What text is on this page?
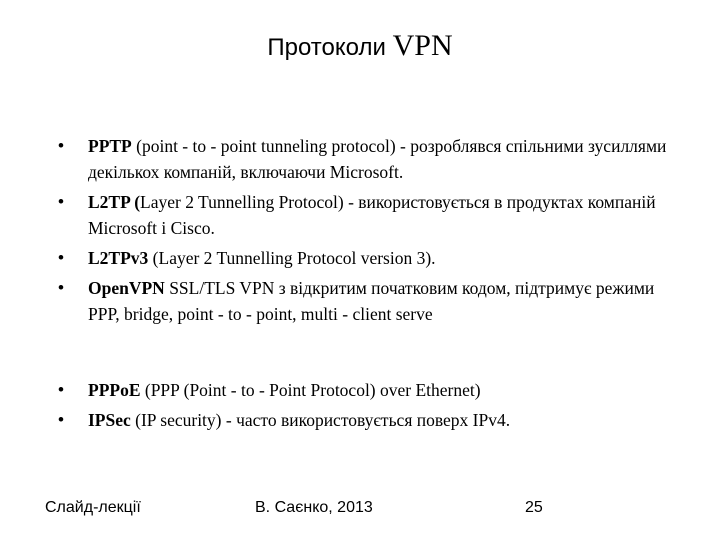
Протоколи VPN
• PPTP (point - to - point tunneling protocol) - розроблявся спільними зусиллями декількох компаній, включаючи Microsoft.
• L2TP (Layer 2 Tunnelling Protocol) - використовується в продуктах компаній Microsoft і Cisco.
• L2TPv3 (Layer 2 Tunnelling Protocol version 3).
• OpenVPN SSL/TLS VPN з відкритим початковим кодом, підтримує режими PPP, bridge, point - to - point, multi - client serve
• PPPoE (PPP (Point - to - Point Protocol) over Ethernet)
• IPSec (IP security) - часто використовується поверх IPv4.
Слайд-лекції	В. Саєнко, 2013	25
